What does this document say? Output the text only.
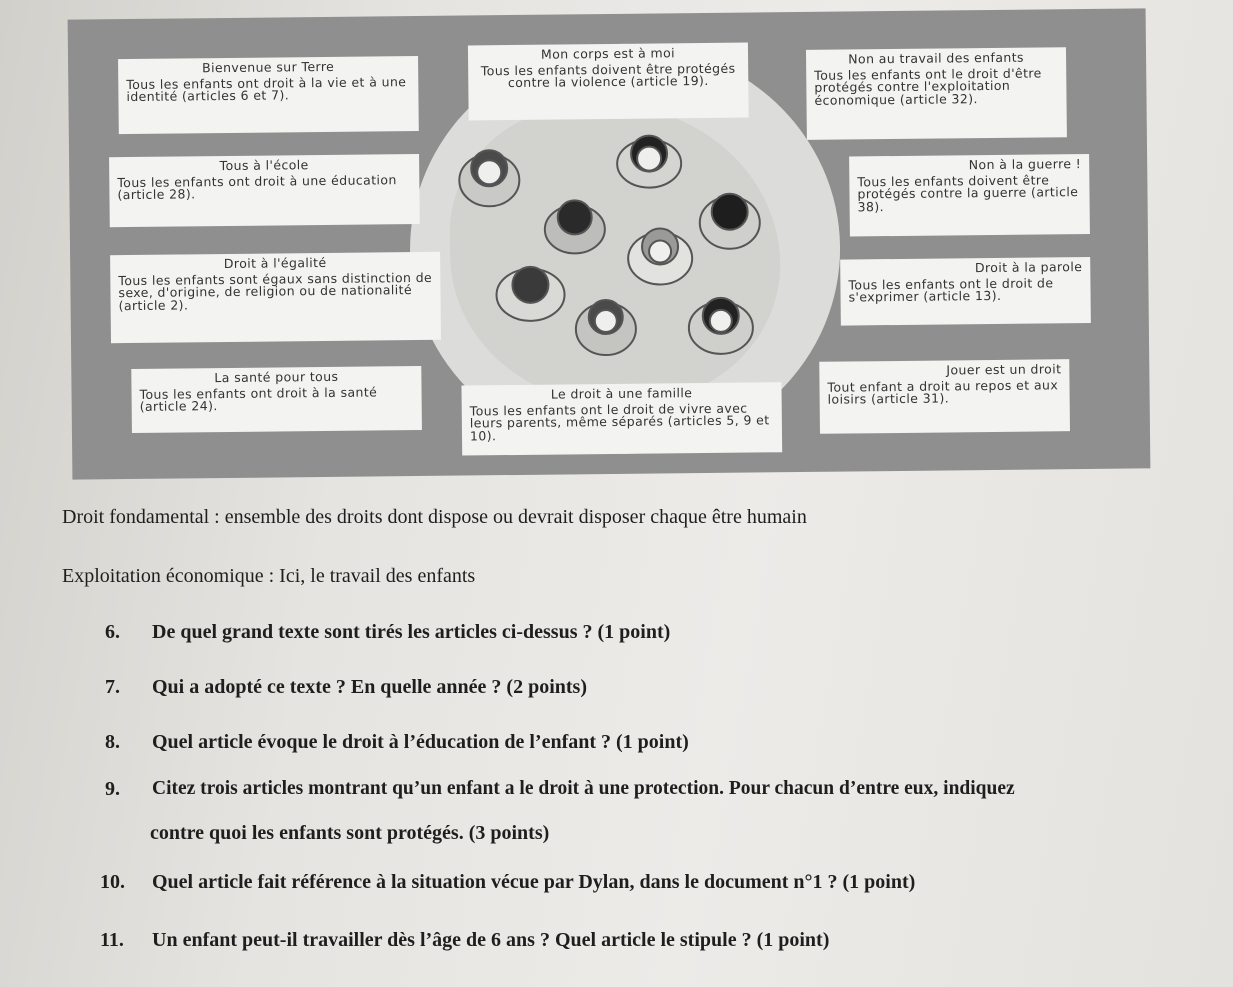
Bienvenue sur Terre
Tous les enfants ont droit à la vie et à une identité (articles 6 et 7).
Mon corps est à moi
Tous les enfants doivent être protégés contre la violence (article 19).
Non au travail des enfants
Tous les enfants ont le droit d'être protégés contre l'exploitation économique (article 32).
Tous à l'école
Tous les enfants ont droit à une éducation (article 28).
Non à la guerre !
Tous les enfants doivent être protégés contre la guerre (article 38).
Droit à l'égalité
Tous les enfants sont égaux sans distinction de sexe, d'origine, de religion ou de nationalité (article 2).
Droit à la parole
Tous les enfants ont le droit de s'exprimer (article 13).
La santé pour tous
Tous les enfants ont droit à la santé (article 24).
Le droit à une famille
Tous les enfants ont le droit de vivre avec leurs parents, même séparés (articles 5, 9 et 10).
Jouer est un droit
Tout enfant a droit au repos et aux loisirs (article 31).

Droit fondamental : ensemble des droits dont dispose ou devrait disposer chaque être humain

Exploitation économique : Ici, le travail des enfants

6. De quel grand texte sont tirés les articles ci-dessus ? (1 point)

7. Qui a adopté ce texte ? En quelle année ? (2 points)

8. Quel article évoque le droit à l’éducation de l’enfant ? (1 point)

9. Citez trois articles montrant qu’un enfant a le droit à une protection. Pour chacun d’entre eux, indiquez

contre quoi les enfants sont protégés. (3 points)

10. Quel article fait référence à la situation vécue par Dylan, dans le document n°1 ? (1 point)

11. Un enfant peut-il travailler dès l’âge de 6 ans ? Quel article le stipule ? (1 point)
